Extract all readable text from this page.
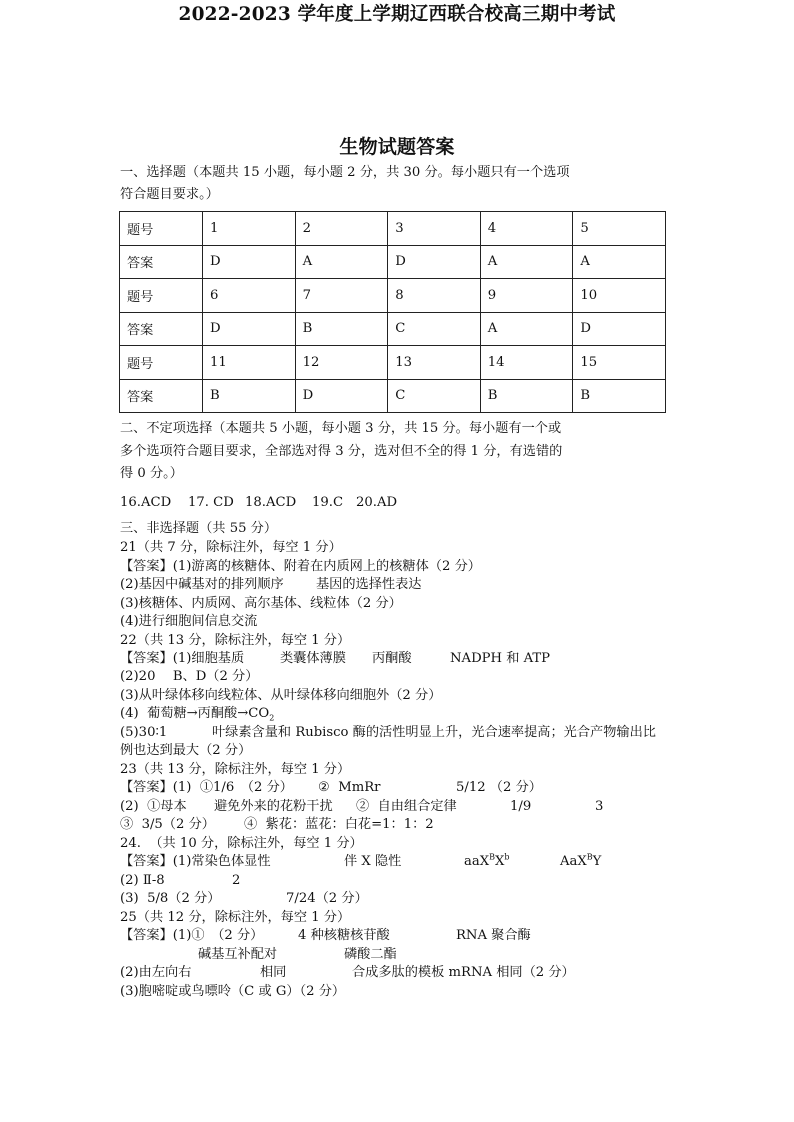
2022-2023 学年度上学期辽西联合校高三期中考试
生物试题答案
一、选择题（本题共 15 小题，每小题 2 分，共 30 分。每小题只有一个选项
符合题目要求。）
题号	1	2	3	4	5
答案	D	A	D	A	A
题号	6	7	8	9	10
答案	D	B	C	A	D
题号	11	12	13	14	15
答案	B	D	C	B	B
二、不定项选择（本题共 5 小题，每小题 3 分，共 15 分。每小题有一个或
多个选项符合题目要求，全部选对得 3 分，选对但不全的得 1 分，有选错的
得 0 分。）
16.ACD 17. CD 18.ACD 19.C 20.AD
三、非选择题（共 55 分）
21（共 7 分，除标注外，每空 1 分）
【答案】(1)游离的核糖体、附着在内质网上的核糖体（2 分）
(2)基因中碱基对的排列顺序 基因的选择性表达
(3)核糖体、内质网、高尔基体、线粒体（2 分）
(4)进行细胞间信息交流
22（共 13 分，除标注外，每空 1 分）
【答案】(1)细胞基质	类囊体薄膜 丙酮酸	NADPH 和 ATP
(2)20　 B、D（2 分）
(3)从叶绿体移向线粒体、从叶绿体移向细胞外（2 分）
(4)  葡萄糖→丙酮酸$\to CO_2$
(5)30∶1	叶绿素含量和 Rubisco 酶的活性明显上升，光合速率提高；光合产物输出比
例也达到最大（2 分）
23（共 13 分，除标注外，每空 1 分）
【答案】(1)  ①1/6　（2 分） ②  MmRr	5/12 （2 分）
(2)  ①母本 避免外来的花粉干扰 ②  自由组合定律	1/9	3
③  3/5（2 分） ④  紫花：蓝花：白花=1：1：2
24.  （共 10 分，除标注外，每空 1 分）
【答案】(1)常染色体显性	伴 X 隐性	$aaX^BX^b$	AaX$^B$Y
(2) Ⅱ-8	2
(3)  5/8（2 分）	7/24（2 分）
25（共 12 分，除标注外，每空 1 分）
【答案】(1)①　（2 分）	4 种核糖核苷酸	RNA 聚合酶
碱基互补配对	磷酸二酯
(2)由左向右	相同	合成多肽的模板 mRNA 相同（2 分）
(3)胞嘧啶或鸟嘌呤（C 或 G）（2 分）
